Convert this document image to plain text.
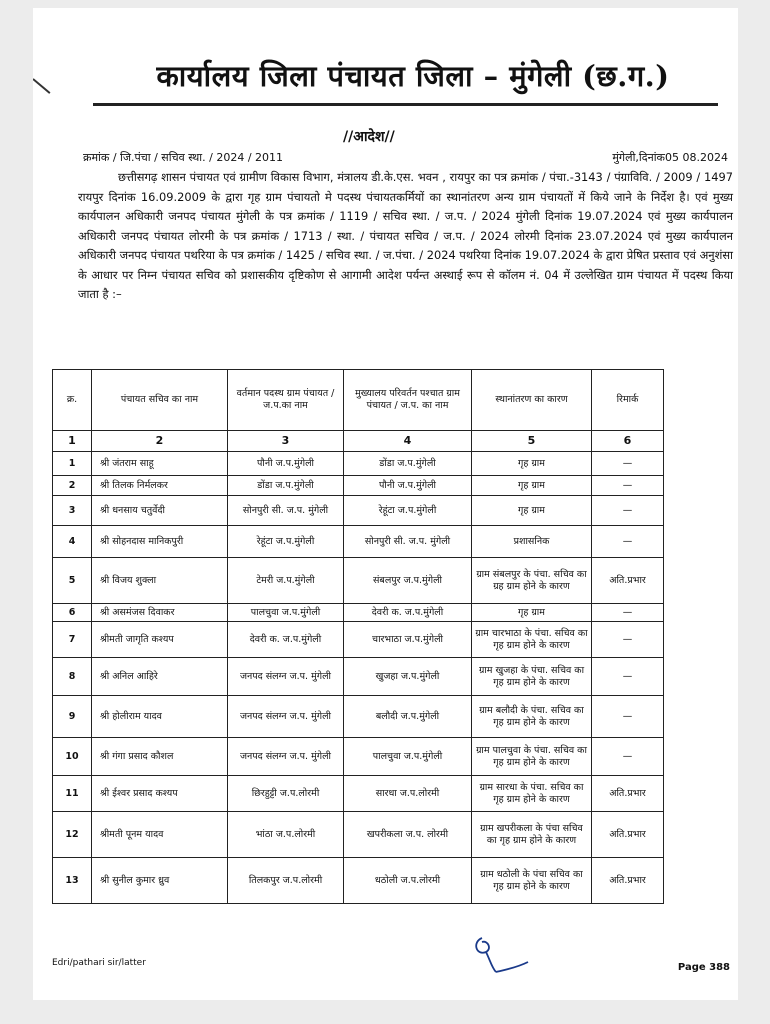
कार्यालय जिला पंचायत जिला – मुंगेली (छ.ग.)
//आदेश//
क्रमांक / जि.पंचा / सचिव स्था. / 2024 / 2011	मुंगेली,दिनांक05 08.2024
छत्तीसगढ़ शासन पंचायत एवं ग्रामीण विकास विभाग, मंत्रालय डी.के.एस. भवन , रायपुर का पत्र क्रमांक / पंचा.-3143 / पंग्राविवि. / 2009 / 1497 रायपुर दिनांक 16.09.2009 के द्वारा गृह ग्राम पंचायतो मे पदस्थ पंचायतकर्मियों का स्थानांतरण अन्य ग्राम पंचायतों में किये जाने के निर्देश है। एवं मुख्य कार्यपालन अधिकारी जनपद पंचायत मुंगेली के पत्र क्रमांक / 1119 / सचिव स्था. / ज.प. / 2024 मुंगेली दिनांक 19.07.2024 एवं मुख्य कार्यपालन अधिकारी जनपद पंचायत लोरमी के पत्र क्रमांक / 1713 / स्था. / पंचायत सचिव / ज.प. / 2024 लोरमी दिनांक 23.07.2024 एवं मुख्य कार्यपालन अधिकारी जनपद पंचायत पथरिया के पत्र क्रमांक / 1425 / सचिव स्था. / ज.पंचा. / 2024 पथरिया दिनांक 19.07.2024 के द्वारा प्रेषित प्रस्ताव एवं अनुशंसा के आधार पर निम्न पंचायत सचिव को प्रशासकीय दृष्टिकोण से आगामी आदेश पर्यन्त अस्थाई रूप से कॉलम नं. 04 में उल्लेखित ग्राम पंचायत में पदस्थ किया जाता है :–
क्र.	पंचायत सचिव का नाम	वर्तमान पदस्थ ग्राम पंचायत / ज.प.का नाम	मुख्यालय परिवर्तन पश्चात ग्राम पंचायत / ज.प. का नाम	स्थानांतरण का कारण	रिमार्क
1	2	3	4	5	6
1	श्री जंतराम साहू	पौनी ज.प.मुंगेली	डोंडा ज.प.मुंगेली	गृह ग्राम	—
2	श्री तिलक निर्मलकर	डोंडा ज.प.मुंगेली	पौनी ज.प.मुंगेली	गृह ग्राम	—
3	श्री धनसाय चतुर्वेदी	सोनपुरी सी. ज.प. मुंगेली	रेहूंटा ज.प.मुंगेली	गृह ग्राम	—
4	श्री सोहनदास मानिकपुरी	रेहूंटा ज.प.मुंगेली	सोनपुरी सी. ज.प. मुंगेली	प्रशासनिक	—
5	श्री विजय शुक्ला	टेमरी ज.प.मुंगेली	संबलपुर ज.प.मुंगेली	ग्राम संबलपुर के पंचा. सचिव का ग्रह ग्राम होने के कारण	अति.प्रभार
6	श्री असमंजस दिवाकर	पालचुवा ज.प.मुंगेली	देवरी क. ज.प.मुंगेली	गृह ग्राम	—
7	श्रीमती जागृति कश्यप	देवरी क. ज.प.मुंगेली	चारभाठा ज.प.मुंगेली	ग्राम चारभाठा के पंचा. सचिव का गृह ग्राम होने के कारण	—
8	श्री अनिल आहिरे	जनपद संलग्न ज.प. मुंगेली	खुजहा ज.प.मुंगेली	ग्राम खुजहा के पंचा. सचिव का गृह ग्राम होने के कारण	—
9	श्री होलीराम यादव	जनपद संलग्न ज.प. मुंगेली	बलौदी ज.प.मुंगेली	ग्राम बलौदी के पंचा. सचिव का गृह ग्राम होने के कारण	—
10	श्री गंगा प्रसाद कौशल	जनपद संलग्न ज.प. मुंगेली	पालचुवा ज.प.मुंगेली	ग्राम पालचुवा के पंचा. सचिव का गृह ग्राम होने के कारण	—
11	श्री ईश्वर प्रसाद कश्यप	छिरहुट्टी ज.प.लोरमी	सारधा ज.प.लोरमी	ग्राम सारधा के पंचा. सचिव का गृह ग्राम होने के कारण	अति.प्रभार
12	श्रीमती पूनम यादव	भांठा ज.प.लोरमी	खपरीकला ज.प. लोरमी	ग्राम खपरीकला के पंचा सचिव का गृह ग्राम होने के कारण	अति.प्रभार
13	श्री सुनील कुमार ध्रुव	तिलकपुर ज.प.लोरमी	धठोली ज.प.लोरमी	ग्राम धठोली के पंचा सचिव का गृह ग्राम होने के कारण	अति.प्रभार
Edri/pathari sir/latter	Page 388
